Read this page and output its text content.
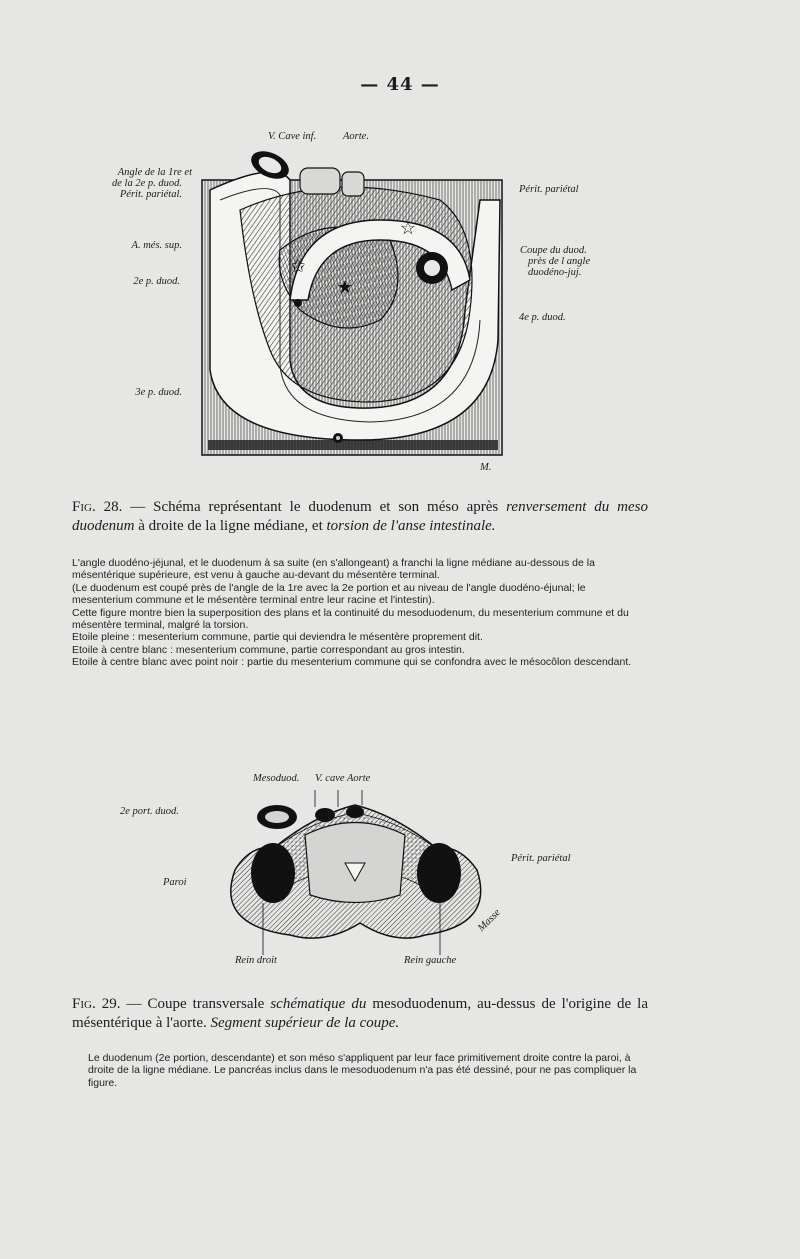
— 44 —
☆
✩
★
V. Cave inf.	Aorte.
Angle de la 1re et
de la 2e p. duod.
Périt. pariétal.
A. més. sup.
2e p. duod.
3e p. duod.
Périt. pariétal
Coupe du duod.
près de l angle
duodéno-juj.
4e p. duod.
M.
Fig. 28. — Schéma représentant le duodenum et son méso après renversement du meso duodenum à droite de la ligne médiane, et torsion de l'anse intestinale.
L'angle duodéno-jéjunal, et le duodenum à sa suite (en s'allongeant) a franchi la ligne médiane au-dessous de la mésentérique supérieure, est venu à gauche au-devant du mésentère terminal.
(Le duodenum est coupé près de l'angle de la 1re avec la 2e portion et au niveau de l'angle duodéno-éjunal; le mesenterium commune et le mésentère terminal entre leur racine et l'intestin).
Cette figure montre bien la superposition des plans et la continuité du mesoduodenum, du mesenterium commune et du mésentère terminal, malgré la torsion.
Etoile pleine : mesenterium commune, partie qui deviendra le mésentère proprement dit.
Etoile à centre blanc : mesenterium commune, partie correspondant au gros intestin.
Etoile à centre blanc avec point noir : partie du mesenterium commune qui se confondra avec le mésocôlon descendant.
Mesoduod. V. cave Aorte
2e port. duod.
Paroi
Périt. pariétal
Rein droit	Rein gauche
Masse
Fig. 29. — Coupe transversale schématique du mesoduodenum, au-dessus de l'origine de la mésentérique à l'aorte. Segment supérieur de la coupe.
Le duodenum (2e portion, descendante) et son méso s'appliquent par leur face primitivement droite contre la paroi, à droite de la ligne médiane. Le pancréas inclus dans le mesoduodenum n'a pas été dessiné, pour ne pas compliquer la figure.
